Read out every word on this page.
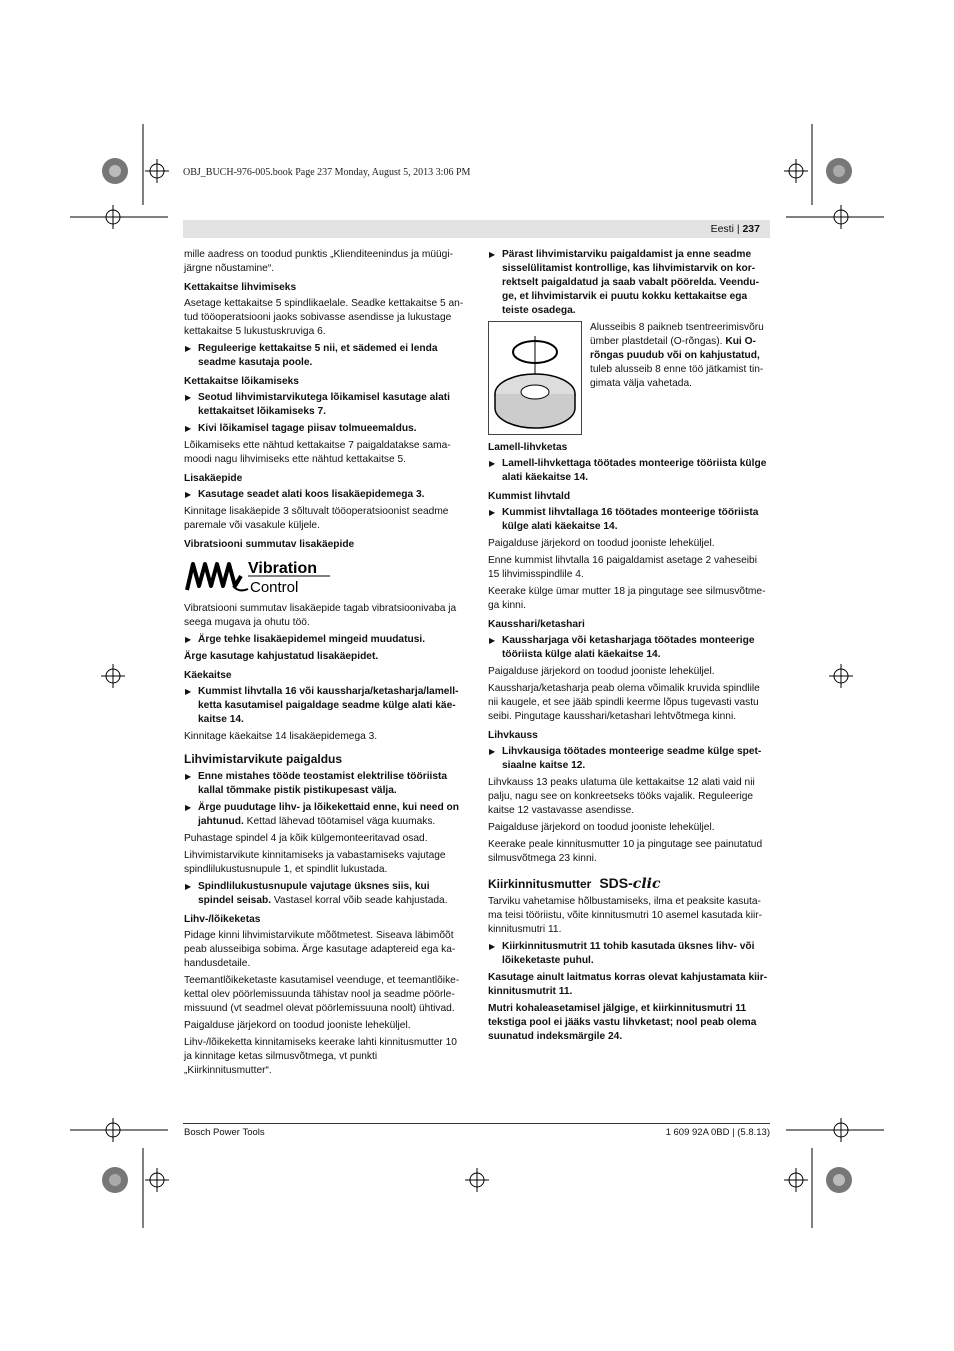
OBJ_BUCH-976-005.book Page 237 Monday, August 5, 2013 3:06 PM
Eesti | 237

mille aadress on toodud punktis „Klienditeenindus ja müügijärgne nõustamine“.

Kettakaitse lihvimiseks

Asetage kettakaitse 5 spindlikaelale. Seadke kettakaitse 5 antud tööoperatsiooni jaoks sobivasse asendisse ja lukustage kettakaitse 5 lukustuskruviga 6.

▶ Reguleerige kettakaitse 5 nii, et sädemed ei lenda seadme kasutaja poole.

Kettakaitse lõikamiseks

▶ Seotud lihvimistarvikutega lõikamisel kasutage alati kettakaitset lõikamiseks 7.
▶ Kivi lõikamisel tagage piisav tolmueemaldus.

Lõikamiseks ette nähtud kettakaitse 7 paigaldatakse samamoodi nagu lihvimiseks ette nähtud kettakaitse 5.

Lisakäepide

▶ Kasutage seadet alati koos lisakäepidemega 3.

Kinnitage lisakäepide 3 sõltuvalt tööoperatsioonist seadme paremale või vasakule küljele.

Vibratsiooni summutav lisakäepide

Vibration
Control

Vibratsiooni summutav lisakäepide tagab vibratsioonivaba ja seega mugava ja ohutu töö.

▶ Ärge tehke lisakäepidemel mingeid muudatusi.

Ärge kasutage kahjustatud lisakäepidet.

Käekaitse

▶ Kummist lihvtalla 16 või kaussharja/ketasharja/lamellketta kasutamisel paigaldage seadme külge alati käekaitse 14.

Kinnitage käekaitse 14 lisakäepidemega 3.

Lihvimistarvikute paigaldus

▶ Enne mistahes tööde teostamist elektrilise tööriista kallal tõmmake pistik pistikupesast välja.
▶ Ärge puudutage lihv- ja lõikekettaid enne, kui need on jahtunud. Kettad lähevad töötamisel väga kuumaks.

Puhastage spindel 4 ja kõik külgemonteeritavad osad.

Lihvimistarvikute kinnitamiseks ja vabastamiseks vajutage spindlilukustusnupule 1, et spindlit lukustada.

▶ Spindlilukustusnupule vajutage üksnes siis, kui spindel seisab. Vastasel korral võib seade kahjustada.

Lihv-/lõikeketas

Pidage kinni lihvimistarvikute mõõtmetest. Siseava läbimõõt peab alusseibiga sobima. Ärge kasutage adaptereid ega kahandusdetaile.

Teemantlõikeketaste kasutamisel veenduge, et teemantlõikekettal olev pöörlemissuunda tähistav nool ja seadme pöörlemissuund (vt seadmel olevat pöörlemissuuna noolt) ühtivad.

Paigalduse järjekord on toodud jooniste leheküljel.

Lihv-/lõikeketta kinnitamiseks keerake lahti kinnitusmutter 10 ja kinnitage ketas silmusvõtmega, vt punkti „Kiirkinnitusmutter“.

▶ Pärast lihvimistarviku paigaldamist ja enne seadme sisselülitamist kontrollige, kas lihvimistarvik on korrektselt paigaldatud ja saab vabalt pöörelda. Veenduge, et lihvimistarvik ei puutu kokku kettakaitse ega teiste osadega.
Alusseibis 8 paikneb tsentreerimisvõru ümber plastdetail (O-rõngas). Kui O-rõngas puudub või on kahjustatud, tuleb alusseib 8 enne töö jätkamist tingimata välja vahetada.

Lamell-lihvketas

▶ Lamell-lihvkettaga töötades monteerige tööriista külge alati käekaitse 14.

Kummist lihvtald

▶ Kummist lihvtallaga 16 töötades monteerige tööriista külge alati käekaitse 14.

Paigalduse järjekord on toodud jooniste leheküljel.

Enne kummist lihvtalla 16 paigaldamist asetage 2 vaheseibi 15 lihvimisspindlile 4.

Keerake külge ümar mutter 18 ja pingutage see silmusvõtmega kinni.

Kausshari/ketashari

▶ Kaussharjaga või ketasharjaga töötades monteerige tööriista külge alati käekaitse 14.

Paigalduse järjekord on toodud jooniste leheküljel.

Kaussharja/ketasharja peab olema võimalik kruvida spindlile nii kaugele, et see jääb spindli keerme lõpus tugevasti vastu seibi. Pingutage kausshari/ketashari lehtvõtmega kinni.

Lihvkauss

▶ Lihvkausiga töötades monteerige seadme külge spetsiaalne kaitse 12.

Lihvkauss 13 peaks ulatuma üle kettakaitse 12 alati vaid nii palju, nagu see on konkreetseks tööks vajalik. Reguleerige kaitse 12 vastavasse asendisse.

Paigalduse järjekord on toodud jooniste leheküljel.

Keerake peale kinnitusmutter 10 ja pingutage see painutatud silmusvõtmega 23 kinni.

Kiirkinnitusmutter SDS-clic

Tarviku vahetamise hõlbustamiseks, ilma et peaksite kasutama teisi tööriistu, võite kinnitusmutri 10 asemel kasutada kiirkinnitusmutri 11.

▶ Kiirkinnitusmutrit 11 tohib kasutada üksnes lihv- või lõikeketaste puhul.

Kasutage ainult laitmatus korras olevat kahjustamata kiirkinnitusmutrit 11.

Mutri kohaleasetamisel jälgige, et kiirkinnitusmutri 11 tekstiga pool ei jääks vastu lihvketast; nool peab olema suunatud indeksmärgile 24.

Bosch Power Tools	1 609 92A 0BD | (5.8.13)
